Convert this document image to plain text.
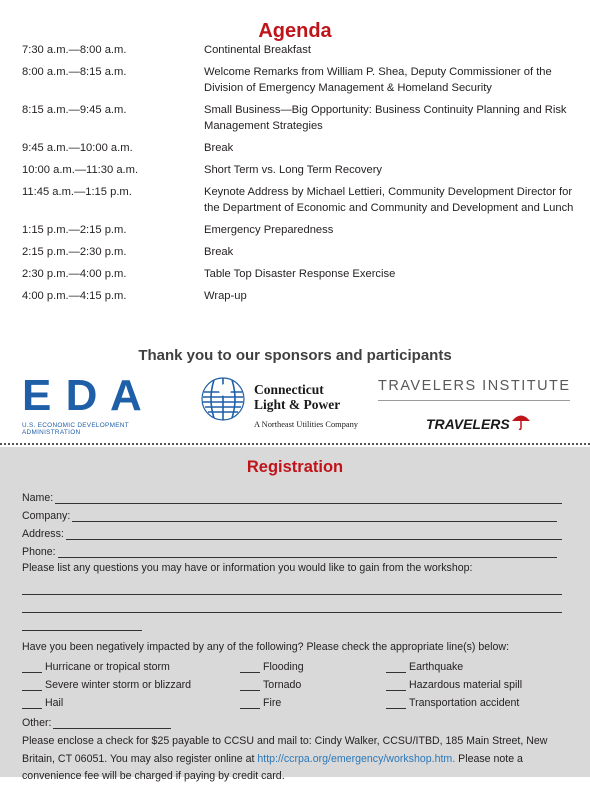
Agenda
7:30 a.m.—8:00 a.m.	Continental Breakfast
8:00 a.m.—8:15 a.m.	Welcome Remarks from William P. Shea, Deputy Commissioner of the Division of Emergency Management & Homeland Security
8:15 a.m.—9:45 a.m.	Small Business—Big Opportunity: Business Continuity Planning and Risk Management Strategies
9:45 a.m.—10:00 a.m.	Break
10:00 a.m.—11:30 a.m.	Short Term vs. Long Term Recovery
11:45 a.m.—1:15 p.m.	Keynote Address by Michael Lettieri, Community Development Director for the Department of Economic and Community and Development and Lunch
1:15 p.m.—2:15 p.m.	Emergency Preparedness
2:15 p.m.—2:30 p.m.	Break
2:30 p.m.—4:00 p.m.	Table Top Disaster Response Exercise
4:00 p.m.—4:15 p.m.	Wrap-up
Thank you to our sponsors and participants
E D A
U.S. ECONOMIC DEVELOPMENT ADMINISTRATION
Connecticut
Light & Power
A Northeast Utilities Company
TRAVELERS INSTITUTE
TRAVELERS
Registration
Name:
Company:
Address:
Phone:
Please list any questions you may have or information you would like to gain from the workshop:
Have you been negatively impacted by any of the following? Please check the appropriate line(s) below:
Hurricane or tropical storm	Flooding	Earthquake
Severe winter storm or blizzard	Tornado	Hazardous material spill
Hail	Fire	Transportation accident
Other:
Please enclose a check for $25 payable to CCSU and mail to: Cindy Walker, CCSU/ITBD, 185 Main Street, New Britain, CT 06051. You may also register online at http://ccrpa.org/emergency/workshop.htm. Please note a convenience fee will be charged if paying by credit card.
